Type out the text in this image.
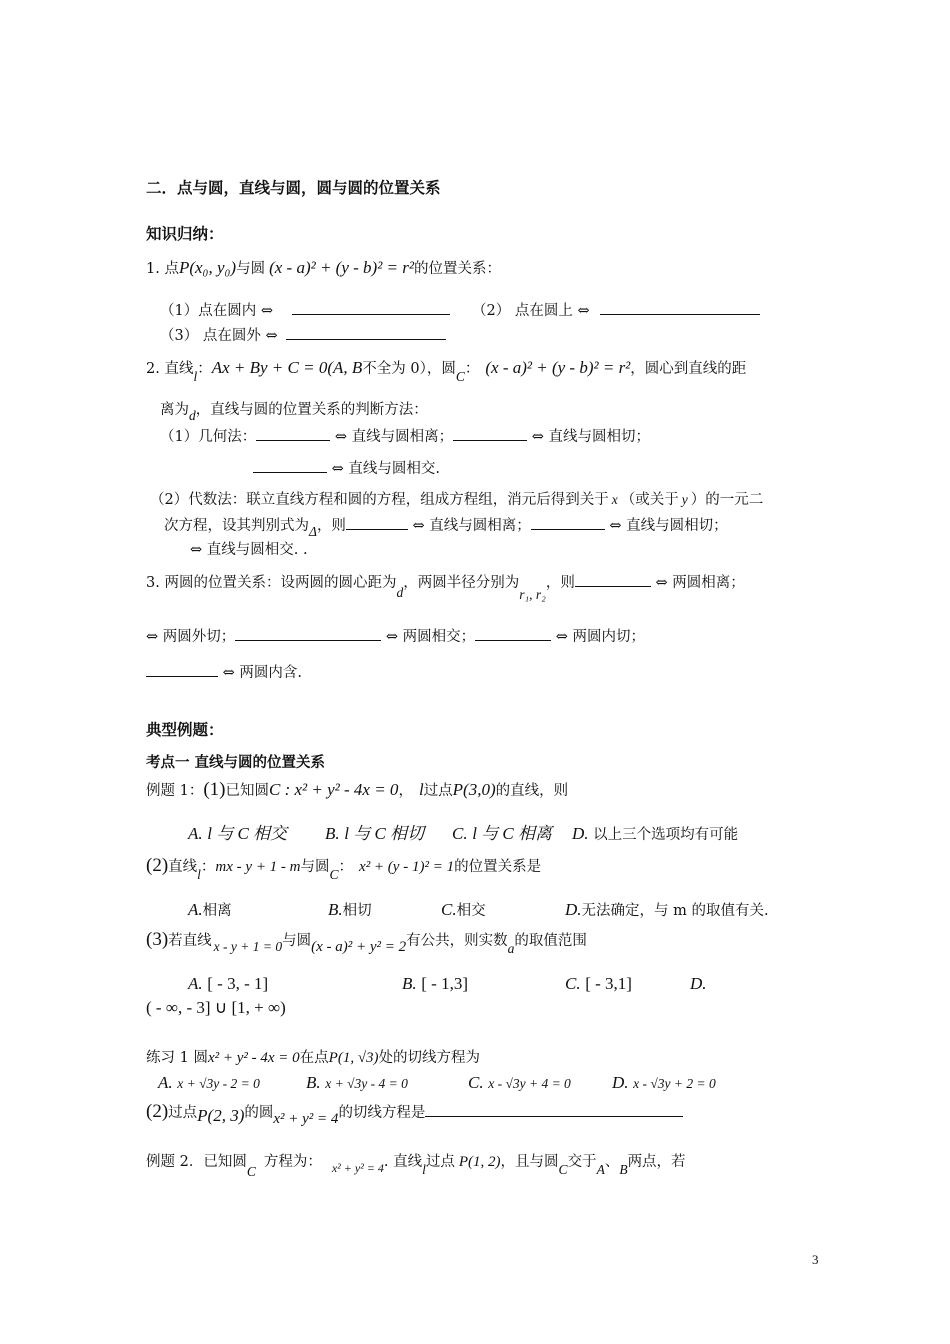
二．点与圆，直线与圆，圆与圆的位置关系
知识归纳：
1. 点P(x₀, y₀)与圆 (x - a)² + (y - b)² = r²的位置关系：
（1）点在圆内 ⇔	（2） 点在圆上 ⇔
（3） 点在圆外 ⇔
2. 直线l：Ax + By + C = 0(A, B不全为 0），圆C： (x - a)² + (y - b)² = r²，圆心到直线的距
离为d，直线与圆的位置关系的判断方法：
（1）几何法：	⇔ 直线与圆相离；	⇔ 直线与圆相切；
⇔ 直线与圆相交.
（2）代数法：联立直线方程和圆的方程，组成方程组，消元后得到关于 x （或关于 y ）的一元二
次方程，设其判别式为Δ，则	⇔ 直线与圆相离；	⇔ 直线与圆相切；
⇔ 直线与圆相交. .
3. 两圆的位置关系：设两圆的圆心距为d，两圆半径分别为r₁, r₂，则	⇔ 两圆相离；
⇔ 两圆外切；	⇔ 两圆相交；	⇔ 两圆内切；
⇔ 两圆内含.
典型例题：
考点一 直线与圆的位置关系
例题 1：(1)已知圆C : x² + y² - 4x = 0， l过点P(3,0)的直线，则
A. l 与 C 相交 B. l 与 C 相切 C. l 与 C 相离 D. 以上三个选项均有可能
(2)直线l：mx - y + 1 - m与圆C： x² + (y - 1)² = 1的位置关系是
A.相离	B.相切	C.相交	D.无法确定，与 m 的取值有关.
(3)若直线 x - y + 1 = 0与圆(x - a)² + y² = 2有公共，则实数a的取值范围
A. [ - 3, - 1]	B. [ - 1,3]	C. [ - 3,1]	D.
( - ∞, - 3] ∪ [1, + ∞)
练习 1 圆x² + y² - 4x = 0在点P(1, √3)处的切线方程为
A. x + √3y - 2 = 0	B. x + √3y - 4 = 0	C. x - √3y + 4 = 0 D. x - √3y + 2 = 0
(2)过点P(2, 3)的圆x² + y² = 4的切线方程是
例题 2．已知圆C方程为： $_{x^2 + y^2 = 4}$. 直线l过点 P(1, 2)，且与圆C交于A、B两点，若
3
